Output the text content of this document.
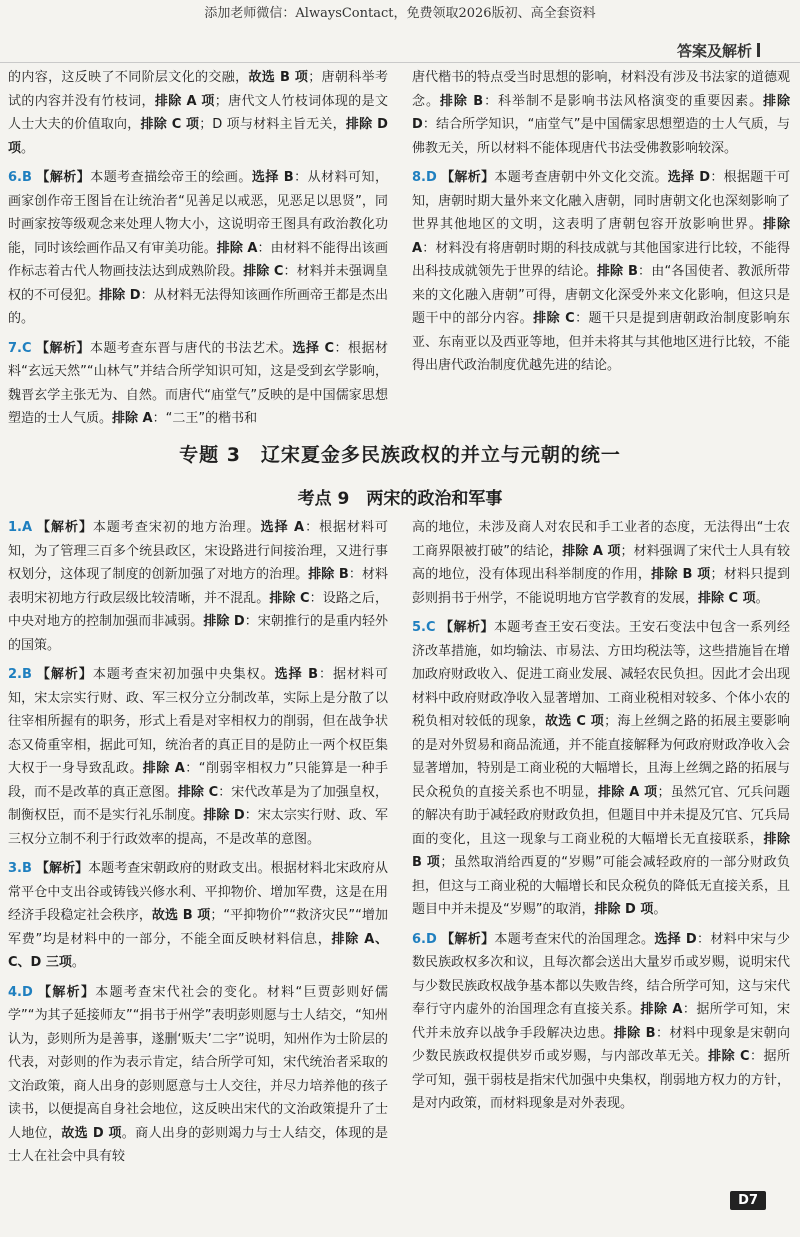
添加老师微信：AlwaysContact，免费领取2026版初、高全套资料
答案及解析

的内容，这反映了不同阶层文化的交融，故选 B 项；唐朝科举考试的内容并没有竹枝词，排除 A 项；唐代文人竹枝词体现的是文人士大夫的价值取向，排除 C 项；D 项与材料主旨无关，排除 D 项。

6.B 【解析】本题考查描绘帝王的绘画。选择 B：从材料可知，画家创作帝王图旨在让统治者“见善足以戒恶，见恶足以思贤”，同时画家按等级观念来处理人物大小，这说明帝王图具有政治教化功能，同时该绘画作品又有审美功能。排除 A：由材料不能得出该画作标志着古代人物画技法达到成熟阶段。排除 C：材料并未强调皇权的不可侵犯。排除 D：从材料无法得知该画作所画帝王都是杰出的。

7.C 【解析】本题考查东晋与唐代的书法艺术。选择 C：根据材料“玄远天然”“山林气”并结合所学知识可知，这是受到玄学影响，魏晋玄学主张无为、自然。而唐代“庙堂气”反映的是中国儒家思想塑造的士人气质。排除 A：“二王”的楷书和

唐代楷书的特点受当时思想的影响，材料没有涉及书法家的道德观念。排除 B：科举制不是影响书法风格演变的重要因素。排除 D：结合所学知识，“庙堂气”是中国儒家思想塑造的士人气质，与佛教无关，所以材料不能体现唐代书法受佛教影响较深。

8.D 【解析】本题考查唐朝中外文化交流。选择 D：根据题干可知，唐朝时期大量外来文化融入唐朝，同时唐朝文化也深刻影响了世界其他地区的文明，这表明了唐朝包容开放影响世界。排除 A：材料没有将唐朝时期的科技成就与其他国家进行比较，不能得出科技成就领先于世界的结论。排除 B：由“各国使者、教派所带来的文化融入唐朝”可得，唐朝文化深受外来文化影响，但这只是题干中的部分内容。排除 C：题干只是提到唐朝政治制度影响东亚、东南亚以及西亚等地，但并未将其与其他地区进行比较，不能得出唐代政治制度优越先进的结论。

专题 3　辽宋夏金多民族政权的并立与元朝的统一
考点 9　两宋的政治和军事

1.A 【解析】本题考查宋初的地方治理。选择 A：根据材料可知，为了管理三百多个统县政区，宋设路进行间接治理，又进行事权划分，这体现了制度的创新加强了对地方的治理。排除 B：材料表明宋初地方行政层级比较清晰，并不混乱。排除 C：设路之后，中央对地方的控制加强而非减弱。排除 D：宋朝推行的是重内轻外的国策。

2.B 【解析】本题考查宋初加强中央集权。选择 B：据材料可知，宋太宗实行财、政、军三权分立分制改革，实际上是分散了以往宰相所握有的职务，形式上看是对宰相权力的削弱，但在战争状态又倚重宰相，据此可知，统治者的真正目的是防止一两个权臣集大权于一身导致乱政。排除 A：“削弱宰相权力”只能算是一种手段，而不是改革的真正意图。排除 C：宋代改革是为了加强皇权，制衡权臣，而不是实行礼乐制度。排除 D：宋太宗实行财、政、军三权分立制不利于行政效率的提高，不是改革的意图。

3.B 【解析】本题考查宋朝政府的财政支出。根据材料北宋政府从常平仓中支出谷或铸钱兴修水利、平抑物价、增加军费，这是在用经济手段稳定社会秩序，故选 B 项；“平抑物价”“救济灾民”“增加军费”均是材料中的一部分，不能全面反映材料信息，排除 A、C、D 三项。

4.D 【解析】本题考查宋代社会的变化。材料“巨贾彭则好儒学”“为其子延接师友”“捐书于州学”表明彭则愿与士人结交，“知州认为，彭则所为是善事，遂删‘贩夫’二字”说明，知州作为士阶层的代表，对彭则的作为表示肯定，结合所学可知，宋代统治者采取的文治政策，商人出身的彭则愿意与士人交往，并尽力培养他的孩子读书，以便提高自身社会地位，这反映出宋代的文治政策提升了士人地位，故选 D 项。商人出身的彭则竭力与士人结交，体现的是士人在社会中具有较

高的地位，未涉及商人对农民和手工业者的态度，无法得出“士农工商界限被打破”的结论，排除 A 项；材料强调了宋代士人具有较高的地位，没有体现出科举制度的作用，排除 B 项；材料只提到彭则捐书于州学，不能说明地方官学教育的发展，排除 C 项。

5.C 【解析】本题考查王安石变法。王安石变法中包含一系列经济改革措施，如均输法、市易法、方田均税法等，这些措施旨在增加政府财政收入、促进工商业发展、减轻农民负担。因此才会出现材料中政府财政净收入显著增加、工商业税相对较多、个体小农的税负相对较低的现象，故选 C 项；海上丝绸之路的拓展主要影响的是对外贸易和商品流通，并不能直接解释为何政府财政净收入会显著增加，特别是工商业税的大幅增长，且海上丝绸之路的拓展与民众税负的直接关系也不明显，排除 A 项；虽然冗官、冗兵问题的解决有助于减轻政府财政负担，但题目中并未提及冗官、冗兵局面的变化，且这一现象与工商业税的大幅增长无直接联系，排除 B 项；虽然取消给西夏的“岁赐”可能会减轻政府的一部分财政负担，但这与工商业税的大幅增长和民众税负的降低无直接关系，且题目中并未提及“岁赐”的取消，排除 D 项。

6.D 【解析】本题考查宋代的治国理念。选择 D：材料中宋与少数民族政权多次和议，且每次都会送出大量岁币或岁赐，说明宋代与少数民族政权战争基本都以失败告终，结合所学可知，这与宋代奉行守内虚外的治国理念有直接关系。排除 A：据所学可知，宋代并未放弃以战争手段解决边患。排除 B：材料中现象是宋朝向少数民族政权提供岁币或岁赐，与内部改革无关。排除 C：据所学可知，强干弱枝是指宋代加强中央集权，削弱地方权力的方针，是对内政策，而材料现象是对外表现。

D7
